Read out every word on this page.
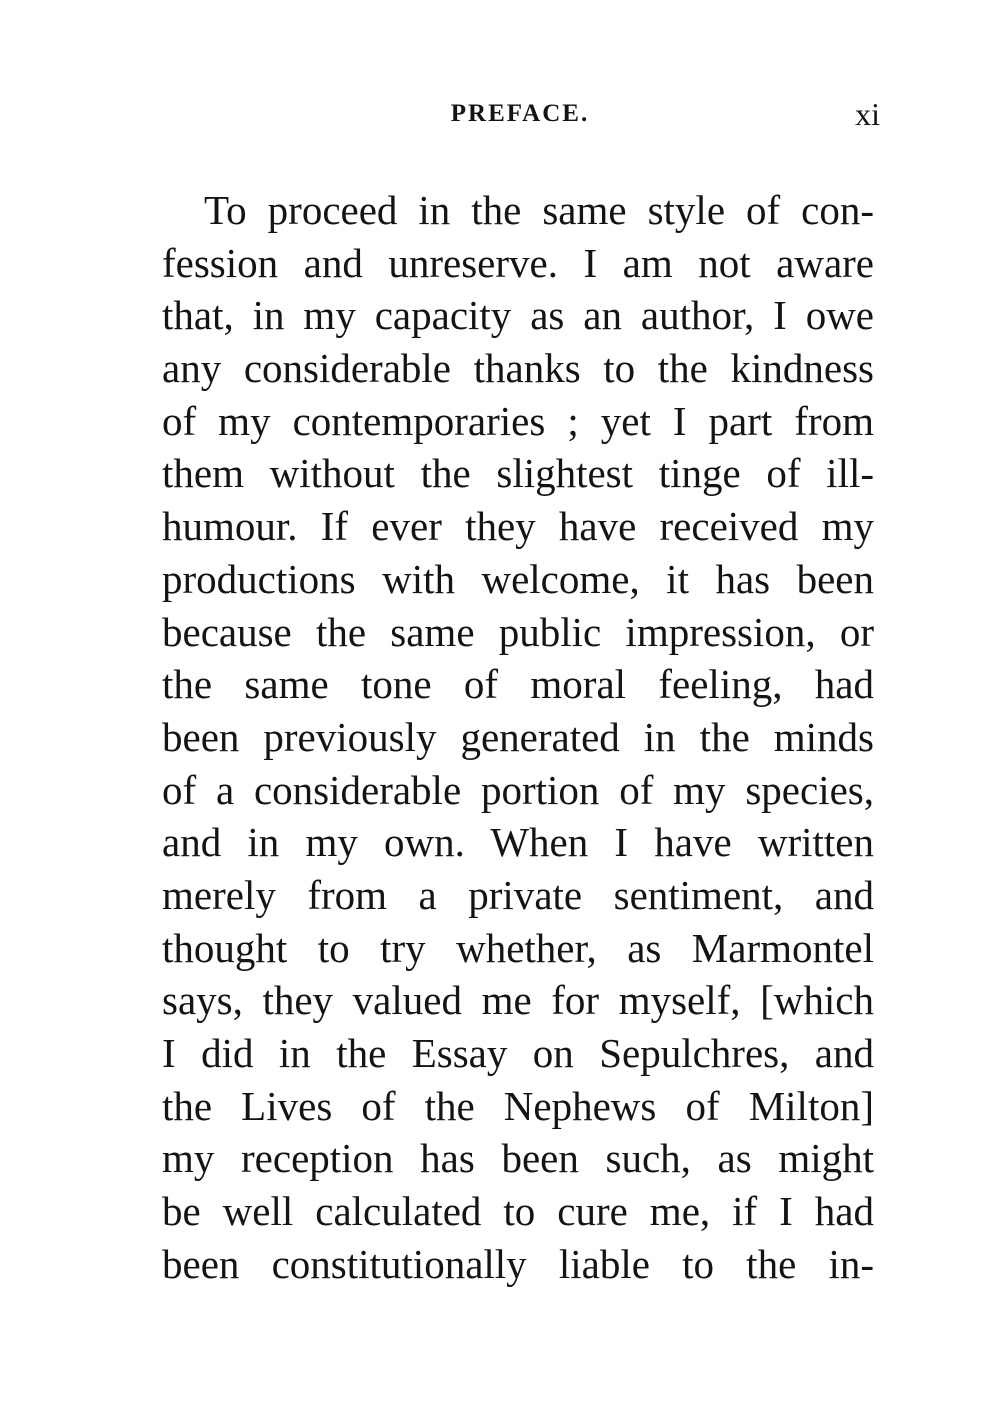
PREFACE.	xi
To proceed in the same style of con-
fession and unreserve. I am not aware
that, in my capacity as an author, I owe
any considerable thanks to the kindness
of my contemporaries ; yet I part from
them without the slightest tinge of ill-
humour. If ever they have received my
productions with welcome, it has been
because the same public impression, or
the same tone of moral feeling, had
been previously generated in the minds
of a considerable portion of my species,
and in my own. When I have written
merely from a private sentiment, and
thought to try whether, as Marmontel
says, they valued me for myself, [which
I did in the Essay on Sepulchres, and
the Lives of the Nephews of Milton]
my reception has been such, as might
be well calculated to cure me, if I had
been constitutionally liable to the in-
